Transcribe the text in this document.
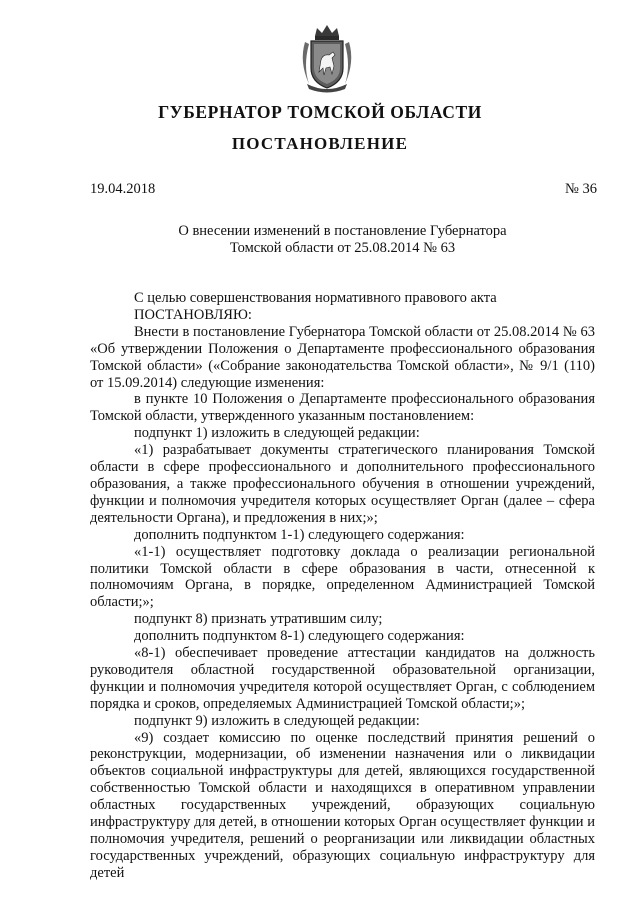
ГУБЕРНАТОР ТОМСКОЙ ОБЛАСТИ
ПОСТАНОВЛЕНИЕ
19.04.2018	№ 36
О внесении изменений в постановление Губернатора
Томской области от 25.08.2014 № 63

С целью совершенствования нормативного правового акта

ПОСТАНОВЛЯЮ:

Внести в постановление Губернатора Томской области от 25.08.2014 № 63 «Об утверждении Положения о Департаменте профессионального образования Томской области» («Собрание законодательства Томской области», № 9/1 (110) от 15.09.2014) следующие изменения:

в пункте 10 Положения о Департаменте профессионального образования Томской области, утвержденного указанным постановлением:

подпункт 1) изложить в следующей редакции:

«1) разрабатывает документы стратегического планирования Томской области в сфере профессионального и дополнительного профессионального образования, а также профессионального обучения в отношении учреждений, функции и полномочия учредителя которых осуществляет Орган (далее – сфера деятельности Органа), и предложения в них;»;

дополнить подпунктом 1-1) следующего содержания:

«1-1) осуществляет подготовку доклада о реализации региональной политики Томской области в сфере образования в части, отнесенной к полномочиям Органа, в порядке, определенном Администрацией Томской области;»;

подпункт 8) признать утратившим силу;

дополнить подпунктом 8-1) следующего содержания:

«8-1) обеспечивает проведение аттестации кандидатов на должность руководителя областной государственной образовательной организации, функции и полномочия учредителя которой осуществляет Орган, с соблюдением порядка и сроков, определяемых Администрацией Томской области;»;

подпункт 9) изложить в следующей редакции:

«9) создает комиссию по оценке последствий принятия решений о реконструкции, модернизации, об изменении назначения или о ликвидации объектов социальной инфраструктуры для детей, являющихся государственной собственностью Томской области и находящихся в оперативном управлении областных государственных учреждений, образующих социальную инфраструктуру для детей, в отношении которых Орган осуществляет функции и полномочия учредителя, решений о реорганизации или ликвидации областных государственных учреждений, образующих социальную инфраструктуру для детей
